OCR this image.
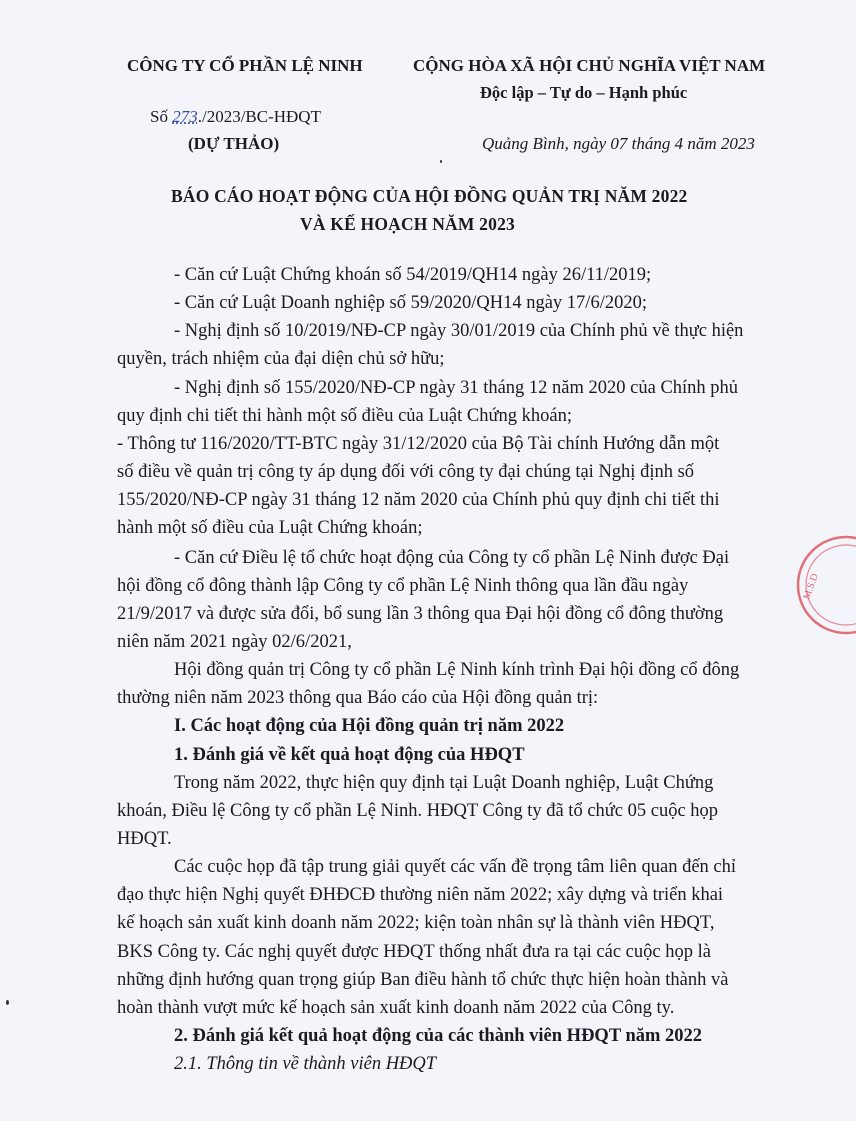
CÔNG TY CỔ PHẦN LỆ NINH
Số 273./2023/BC-HĐQT
(DỰ THẢO)
CỘNG HÒA XÃ HỘI CHỦ NGHĨA VIỆT NAM
Độc lập – Tự do – Hạnh phúc
Quảng Bình, ngày 07 tháng 4 năm 2023
BÁO CÁO HOẠT ĐỘNG CỦA HỘI ĐỒNG QUẢN TRỊ NĂM 2022
VÀ KẾ HOẠCH NĂM 2023
- Căn cứ Luật Chứng khoán số 54/2019/QH14 ngày 26/11/2019;
- Căn cứ Luật Doanh nghiệp số 59/2020/QH14 ngày 17/6/2020;
- Nghị định số 10/2019/NĐ-CP ngày 30/01/2019 của Chính phủ về thực hiện
quyền, trách nhiệm của đại diện chủ sở hữu;
- Nghị định số 155/2020/NĐ-CP ngày 31 tháng 12 năm 2020 của Chính phủ
quy định chi tiết thi hành một số điều của Luật Chứng khoán;
- Thông tư 116/2020/TT-BTC ngày 31/12/2020 của Bộ Tài chính Hướng dẫn một
số điều về quản trị công ty áp dụng đối với công ty đại chúng tại Nghị định số
155/2020/NĐ-CP ngày 31 tháng 12 năm 2020 của Chính phủ quy định chi tiết thi
hành một số điều của Luật Chứng khoán;
- Căn cứ Điều lệ tổ chức hoạt động của Công ty cổ phần Lệ Ninh được Đại
hội đồng cổ đông thành lập Công ty cổ phần Lệ Ninh thông qua lần đầu ngày
21/9/2017 và được sửa đổi, bổ sung lần 3 thông qua Đại hội đồng cổ đông thường
niên năm 2021 ngày 02/6/2021,
Hội đồng quản trị Công ty cổ phần Lệ Ninh kính trình Đại hội đồng cổ đông
thường niên năm 2023 thông qua Báo cáo của Hội đồng quản trị:
I. Các hoạt động của Hội đồng quản trị năm 2022
1. Đánh giá về kết quả hoạt động của HĐQT
Trong năm 2022, thực hiện quy định tại Luật Doanh nghiệp, Luật Chứng
khoán, Điều lệ Công ty cổ phần Lệ Ninh. HĐQT Công ty đã tổ chức 05 cuộc họp
HĐQT.
Các cuộc họp đã tập trung giải quyết các vấn đề trọng tâm liên quan đến chỉ
đạo thực hiện Nghị quyết ĐHĐCĐ thường niên năm 2022; xây dựng và triển khai
kế hoạch sản xuất kinh doanh năm 2022; kiện toàn nhân sự là thành viên HĐQT,
BKS Công ty. Các nghị quyết được HĐQT thống nhất đưa ra tại các cuộc họp là
những định hướng quan trọng giúp Ban điều hành tổ chức thực hiện hoàn thành và
hoàn thành vượt mức kế hoạch sản xuất kinh doanh năm 2022 của Công ty.
2. Đánh giá kết quả hoạt động của các thành viên HĐQT năm 2022
2.1. Thông tin về thành viên HĐQT
M.S.D
